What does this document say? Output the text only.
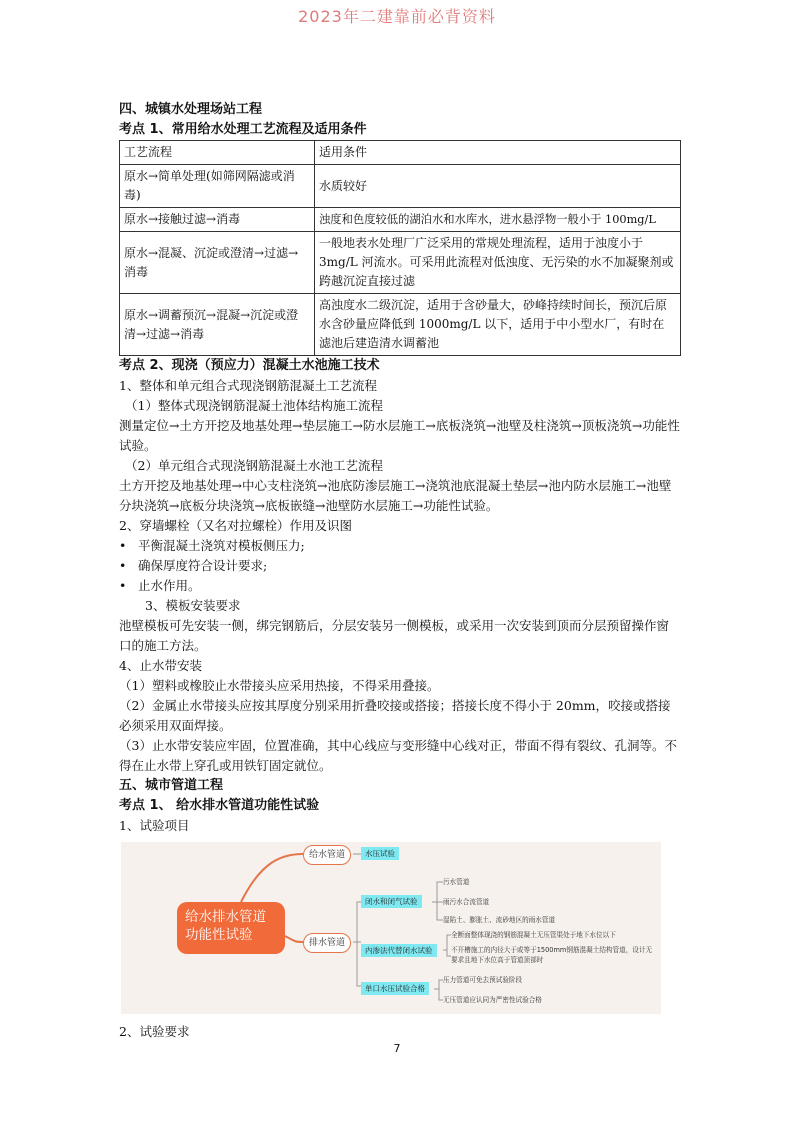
2023年二建靠前必背资料
四、城镇水处理场站工程
考点 1、常用给水处理工艺流程及适用条件
工艺流程	适用条件
原水→简单处理(如筛网隔滤或消毒)	水质较好
原水→接触过滤→消毒	浊度和色度较低的湖泊水和水库水，进水悬浮物一般小于 100mg/L
原水→混凝、沉淀或澄清→过滤→消毒	一般地表水处理厂广泛采用的常规处理流程，适用于浊度小于 3mg/L 河流水。可采用此流程对低浊度、无污染的水不加凝聚剂或跨越沉淀直接过滤
原水→调蓄预沉→混凝→沉淀或澄清→过滤→消毒	高浊度水二级沉淀，适用于含砂量大，砂峰持续时间长，预沉后原水含砂量应降低到 1000mg/L 以下，适用于中小型水厂，有时在滤池后建造清水调蓄池
考点 2、现浇（预应力）混凝土水池施工技术

1、整体和单元组合式现浇钢筋混凝土工艺流程

（1）整体式现浇钢筋混凝土池体结构施工流程

测量定位→土方开挖及地基处理→垫层施工→防水层施工→底板浇筑→池壁及柱浇筑→顶板浇筑→功能性试验。

（2）单元组合式现浇钢筋混凝土水池工艺流程

土方开挖及地基处理→中心支柱浇筑→池底防渗层施工→浇筑池底混凝土垫层→池内防水层施工→池壁分块浇筑→底板分块浇筑→底板嵌缝→池壁防水层施工→功能性试验。

2、穿墙螺栓（又名对拉螺栓）作用及识图

• 平衡混凝土浇筑对模板侧压力;
• 确保厚度符合设计要求;
• 止水作用。

3、模板安装要求

池壁模板可先安装一侧，绑完钢筋后，分层安装另一侧模板，或采用一次安装到顶而分层预留操作窗口的施工方法。

4、止水带安装

（1）塑料或橡胶止水带接头应采用热接，不得采用叠接。

（2）金属止水带接头应按其厚度分别采用折叠咬接或搭接；搭接长度不得小于 20mm，咬接或搭接必须采用双面焊接。

（3）止水带安装应牢固，位置准确，其中心线应与变形缝中心线对正，带面不得有裂纹、孔洞等。不得在止水带上穿孔或用铁钉固定就位。

五、城市管道工程
考点 1、 给水排水管道功能性试验

1、试验项目

给水排水管道功能性试验
给水管道	水压试验
排水管道
闭水和闭气试验
污水管道
雨污水合流管道
湿陷土、膨胀土、流砂地区的雨水管道
内渗法代替闭水试验
全断面整体现浇的钢筋混凝土无压管渠处于地下水位以下
不开槽施工的内径大于或等于1500mm钢筋混凝土结构管道，设计无要求且地下水位高于管道顶部时
单口水压试验合格
压力管道可免去预试验阶段
无压管道应认同为严密性试验合格

2、试验要求

7
